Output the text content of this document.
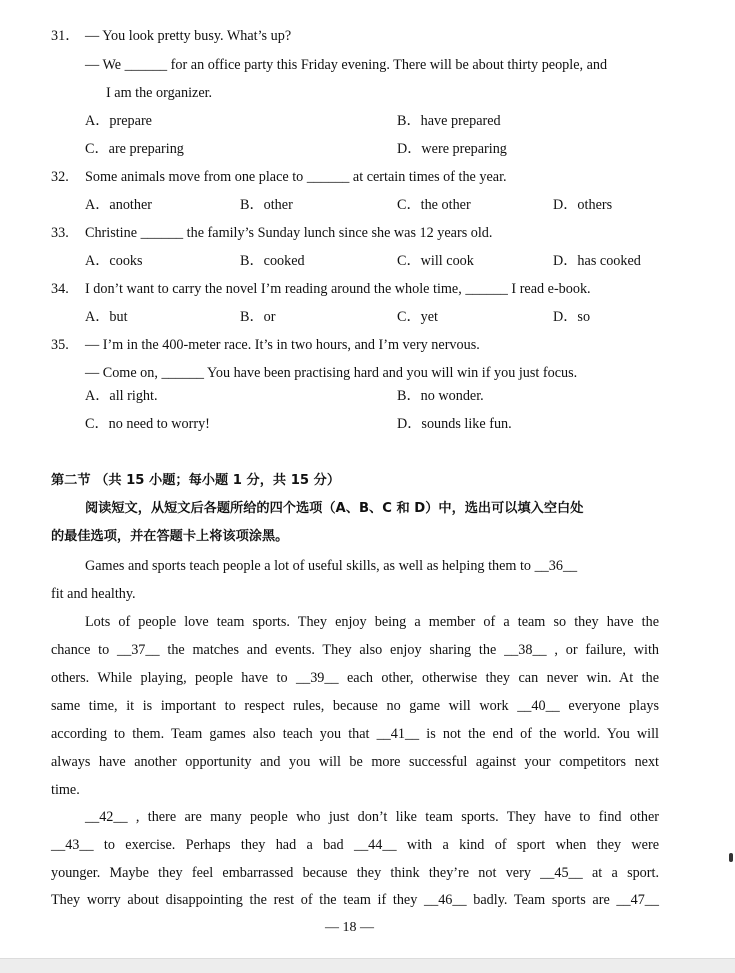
31． — You look pretty busy. What’s up?
— We ______ for an office party this Friday evening. There will be about thirty people, and
I am the organizer.
A．prepare	B．have prepared
C．are preparing	D．were preparing
32. Some animals move from one place to ______ at certain times of the year.
A．another	B．other	C．the other	D．others
33. Christine ______ the family’s Sunday lunch since she was 12 years old.
A．cooks	B．cooked	C．will cook	D．has cooked
34. I don’t want to carry the novel I’m reading around the whole time, ______ I read e-book.
A．but	B．or	C．yet	D．so
35. — I’m in the 400-meter race. It’s in two hours, and I’m very nervous.
— Come on, ______ You have been practising hard and you will win if you just focus.
A．all right.	B．no wonder.
C．no need to worry!	D．sounds like fun.
第二节 （共 15 小题；每小题 1 分，共 15 分）
阅读短文，从短文后各题所给的四个选项（A、B、C 和 D）中，选出可以填入空白处
的最佳选项，并在答题卡上将该项涂黑。
Games and sports teach people a lot of useful skills, as well as helping them to __36__
fit and healthy.
Lots of people love team sports. They enjoy being a member of a team so they have the
chance to __37__ the matches and events. They also enjoy sharing the __38__ , or failure, with
others. While playing, people have to __39__ each other, otherwise they can never win. At the
same time, it is important to respect rules, because no game will work __40__ everyone plays
according to them. Team games also teach you that __41__ is not the end of the world. You will
always have another opportunity and you will be more successful against your competitors next
time.
__42__ , there are many people who just don’t like team sports. They have to find other
__43__ to exercise. Perhaps they had a bad __44__ with a kind of sport when they were
younger. Maybe they feel embarrassed because they think they’re not very __45__ at a sport.
They worry about disappointing the rest of the team if they __46__ badly. Team sports are __47__
— 18 —
